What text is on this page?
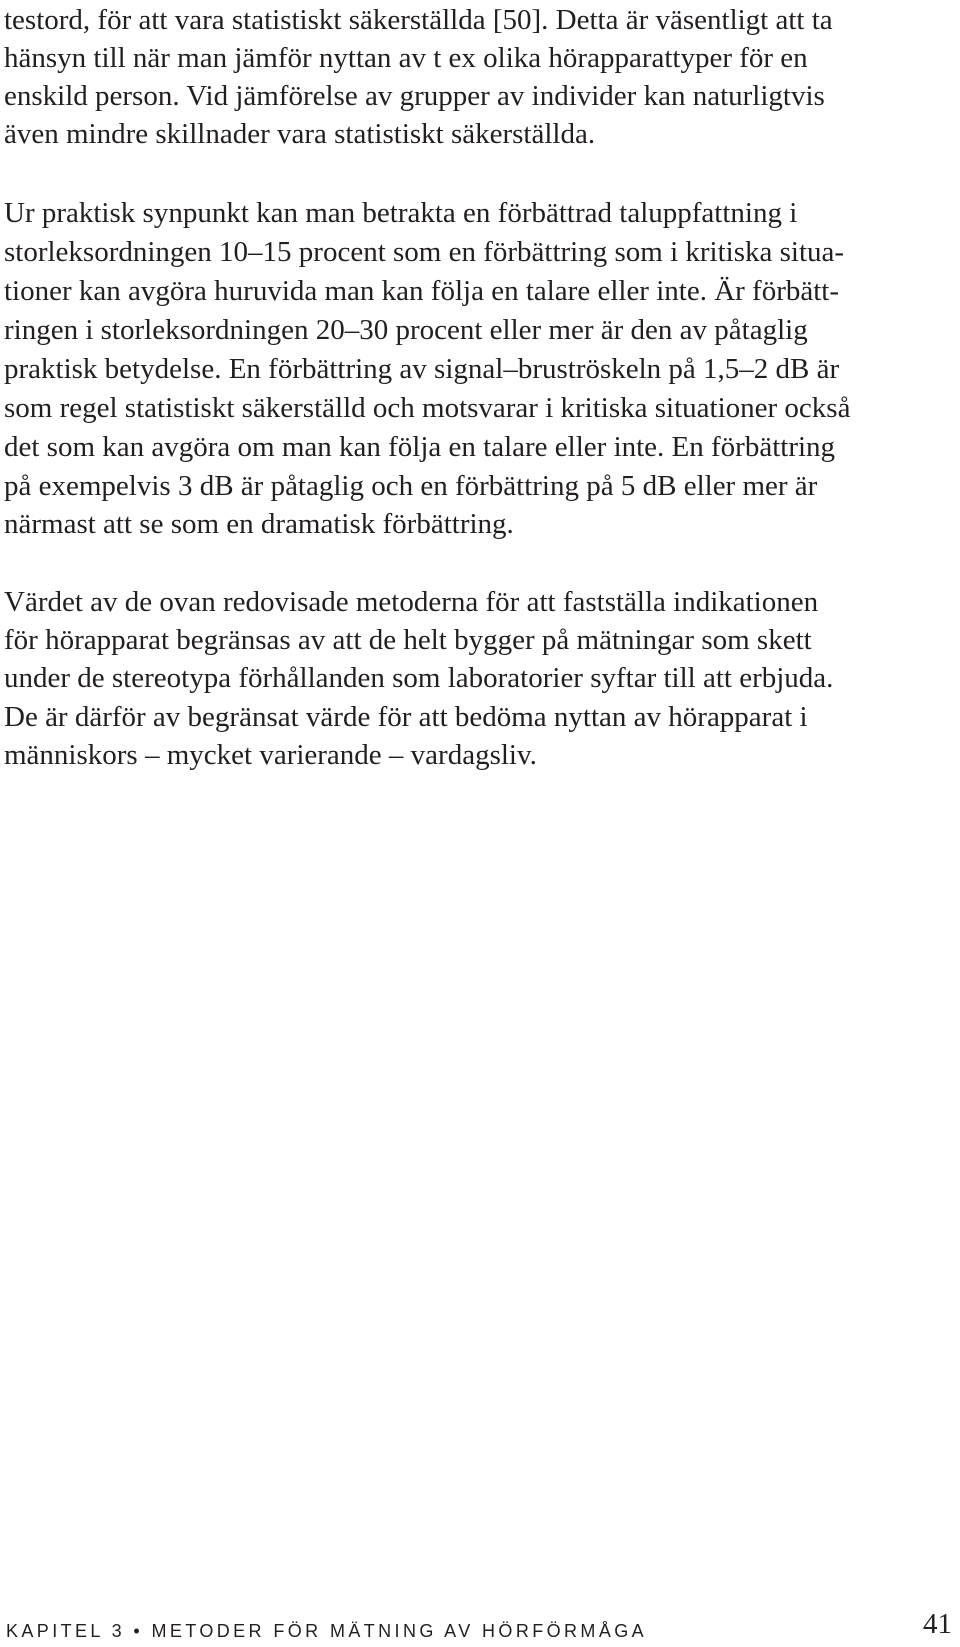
testord, för att vara statistiskt säkerställda [50]. Detta är väsentligt att ta

hänsyn till när man jämför nyttan av t ex olika hörapparattyper för en

enskild person. Vid jämförelse av grupper av individer kan naturligtvis

även mindre skillnader vara statistiskt säkerställda.

Ur praktisk synpunkt kan man betrakta en förbättrad taluppfattning i

storleksordningen 10–15 procent som en förbättring som i kritiska situa-

tioner kan avgöra huruvida man kan följa en talare eller inte. Är förbätt-

ringen i storleksordningen 20–30 procent eller mer är den av påtaglig

praktisk betydelse. En förbättring av signal–bruströskeln på 1,5–2 dB är

som regel statistiskt säkerställd och motsvarar i kritiska situationer också

det som kan avgöra om man kan följa en talare eller inte. En förbättring

på exempelvis 3 dB är påtaglig och en förbättring på 5 dB eller mer är

närmast att se som en dramatisk förbättring.

Värdet av de ovan redovisade metoderna för att fastställa indikationen

för hörapparat begränsas av att de helt bygger på mätningar som skett

under de stereotypa förhållanden som laboratorier syftar till att erbjuda.

De är därför av begränsat värde för att bedöma nyttan av hörapparat i

människors – mycket varierande – vardagsliv.

KAPITEL 3 • METODER FÖR MÄTNING AV HÖRFÖRMÅGA	41
